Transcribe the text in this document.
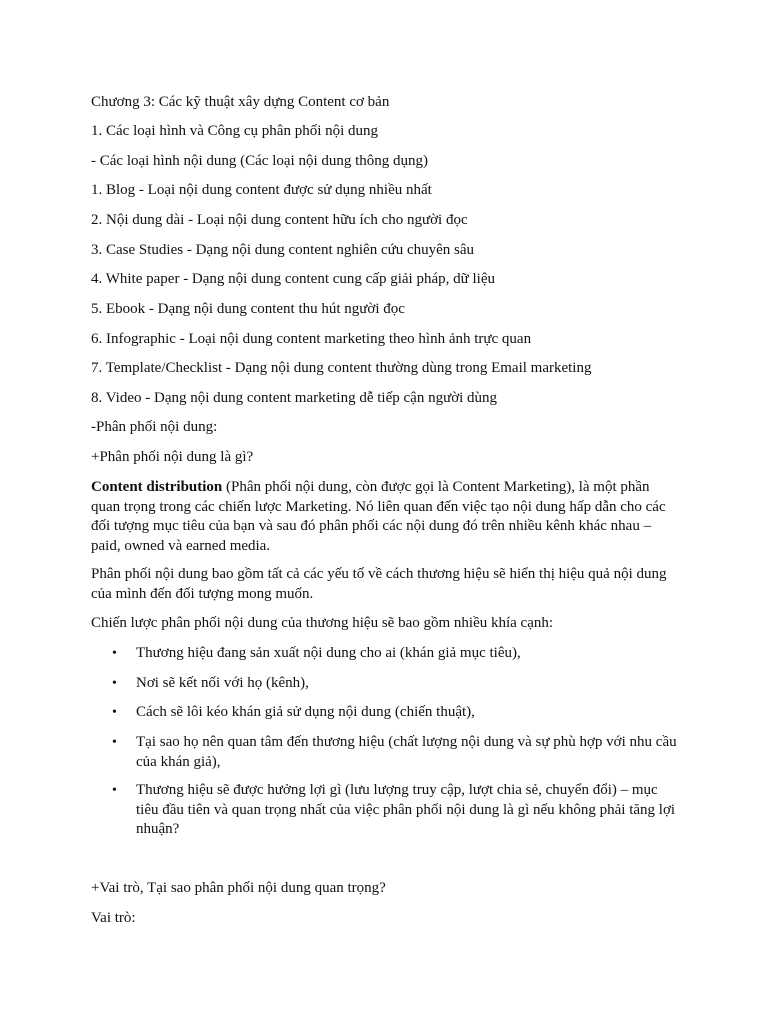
Chương 3: Các kỹ thuật xây dựng Content cơ bản
1. Các loại hình và Công cụ phân phối nội dung
- Các loại hình nội dung (Các loại nội dung thông dụng)
1. Blog - Loại nội dung content được sử dụng nhiều nhất
2. Nội dung dài - Loại nội dung content hữu ích cho người đọc
3. Case Studies - Dạng nội dung content nghiên cứu chuyên sâu
4. White paper - Dạng nội dung content cung cấp giải pháp, dữ liệu
5. Ebook - Dạng nội dung content thu hút người đọc
6. Infographic - Loại nội dung content marketing theo hình ảnh trực quan
7. Template/Checklist - Dạng nội dung content thường dùng trong Email marketing
8. Video - Dạng nội dung content marketing dễ tiếp cận người dùng
-Phân phối nội dung:
+Phân phối nội dung là gì?
Content distribution (Phân phối nội dung, còn được gọi là Content Marketing), là một phần quan trọng trong các chiến lược Marketing. Nó liên quan đến việc tạo nội dung hấp dẫn cho các đối tượng mục tiêu của bạn và sau đó phân phối các nội dung đó trên nhiều kênh khác nhau – paid, owned và earned media.
Phân phối nội dung bao gồm tất cả các yếu tố về cách thương hiệu sẽ hiển thị hiệu quả nội dung của mình đến đối tượng mong muốn.
Chiến lược phân phối nội dung của thương hiệu sẽ bao gồm nhiều khía cạnh:
• Thương hiệu đang sản xuất nội dung cho ai (khán giả mục tiêu),
• Nơi sẽ kết nối với họ (kênh),
• Cách sẽ lôi kéo khán giả sử dụng nội dung (chiến thuật),
• Tại sao họ nên quan tâm đến thương hiệu (chất lượng nội dung và sự phù hợp với nhu cầu của khán giả),
• Thương hiệu sẽ được hưởng lợi gì (lưu lượng truy cập, lượt chia sẻ, chuyển đổi) – mục tiêu đầu tiên và quan trọng nhất của việc phân phối nội dung là gì nếu không phải tăng lợi nhuận?
+Vai trò, Tại sao phân phối nội dung quan trọng?
Vai trò:
